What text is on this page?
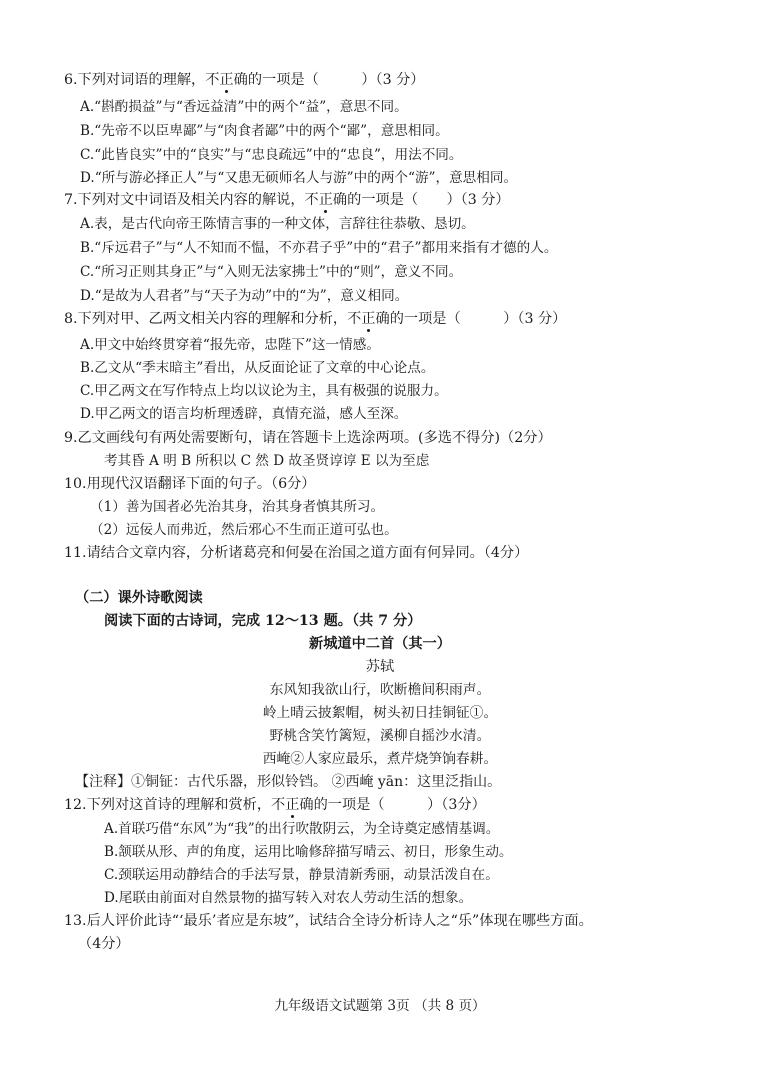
6.下列对词语的理解，不正确的一项是（　　　）（3 分）
A.“斟酌损益”与“香远益清”中的两个“益”，意思不同。
B.“先帝不以臣卑鄙”与“肉食者鄙”中的两个“鄙”，意思相同。
C.“此皆良实”中的“良实”与“忠良疏远”中的“忠良”，用法不同。
D.“所与游必择正人”与“又患无硕师名人与游”中的两个“游”，意思相同。
7.下列对文中词语及相关内容的解说，不正确的一项是（　　）（3 分）
A.表，是古代向帝王陈情言事的一种文体，言辞往往恭敬、恳切。
B.“斥远君子”与“人不知而不愠，不亦君子乎”中的“君子”都用来指有才德的人。
C.“所习正则其身正”与“入则无法家拂士”中的“则”，意义不同。
D.“是故为人君者”与“天子为动”中的“为”，意义相同。
8.下列对甲、乙两文相关内容的理解和分析，不正确的一项是（　　　）（3 分）
A.甲文中始终贯穿着“报先帝，忠陛下”这一情感。
B.乙文从“季末暗主”看出，从反面论证了文章的中心论点。
C.甲乙两文在写作特点上均以议论为主，具有极强的说服力。
D.甲乙两文的语言均析理透辟，真情充溢，感人至深。
9.乙文画线句有两处需要断句，请在答题卡上选涂两项。(多选不得分)（2分）
考其昏 A 明 B 所积以 C 然 D 故圣贤谆谆 E 以为至虑
10.用现代汉语翻译下面的句子。（6分）
（1）善为国者必先治其身，治其身者慎其所习。
（2）远佞人而弗近，然后邪心不生而正道可弘也。
11.请结合文章内容，分析诸葛亮和何晏在治国之道方面有何异同。（4分）
（二）课外诗歌阅读
阅读下面的古诗词，完成 12～13 题。（共 7 分）
新城道中二首（其一）
苏轼
东风知我欲山行，吹断檐间积雨声。
岭上晴云披絮帽，树头初日挂铜钲①。
野桃含笑竹篱短，溪柳自摇沙水清。
西崦②人家应最乐，煮芹烧笋饷春耕。
【注释】①铜钲：古代乐器，形似铃铛。 ②西崦 yān：这里泛指山。
12.下列对这首诗的理解和赏析，不正确的一项是（　　　）（3分）
A.首联巧借“东风”为“我”的出行吹散阴云，为全诗奠定感情基调。
B.颔联从形、声的角度，运用比喻修辞描写晴云、初日，形象生动。
C.颈联运用动静结合的手法写景，静景清新秀丽，动景活泼自在。
D.尾联由前面对自然景物的描写转入对农人劳动生活的想象。
13.后人评价此诗“‘最乐’者应是东坡”，试结合全诗分析诗人之“乐”体现在哪些方面。
（4分）
九年级语文试题第 3页 （共 8 页）
